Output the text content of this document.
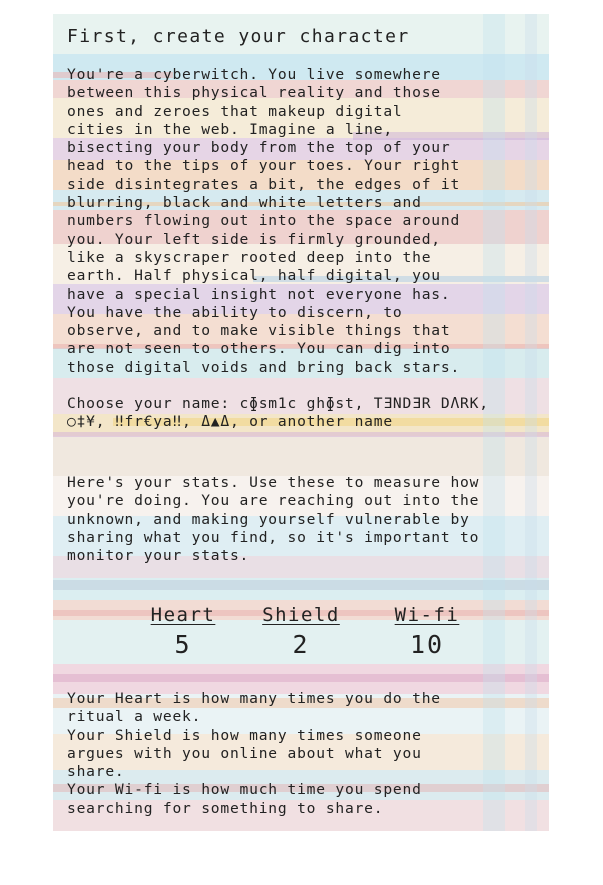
First, create your character

You're a cyberwitch. You live somewhere
between this physical reality and those
ones and zeroes that makeup digital
cities in the web. Imagine a line,
bisecting your body from the top of your
head to the tips of your toes. Your right
side disintegrates a bit, the edges of it
blurring, black and white letters and
numbers flowing out into the space around
you. Your left side is firmly grounded,
like a skyscraper rooted deep into the
earth. Half physical, half digital, you
have a special insight not everyone has.
You have the ability to discern, to
observe, and to make visible things that
are not seen to others. You can dig into
those digital voids and bring back stars.

Choose your name: cɸsm1c ghɸst, TƎNDƎR DΛRK,

○‡¥, ‼fr€ya‼, Δ▲Δ, or another name

Here's your stats. Use these to measure how
you're doing. You are reaching out into the
unknown, and making yourself vulnerable by
sharing what you find, so it's important to
monitor your stats.

Heart
5
Shield
2
Wi-fi
10

Your Heart is how many times you do the
ritual a week.
Your Shield is how many times someone
argues with you online about what you
share.
Your Wi-fi is how much time you spend
searching for something to share.
